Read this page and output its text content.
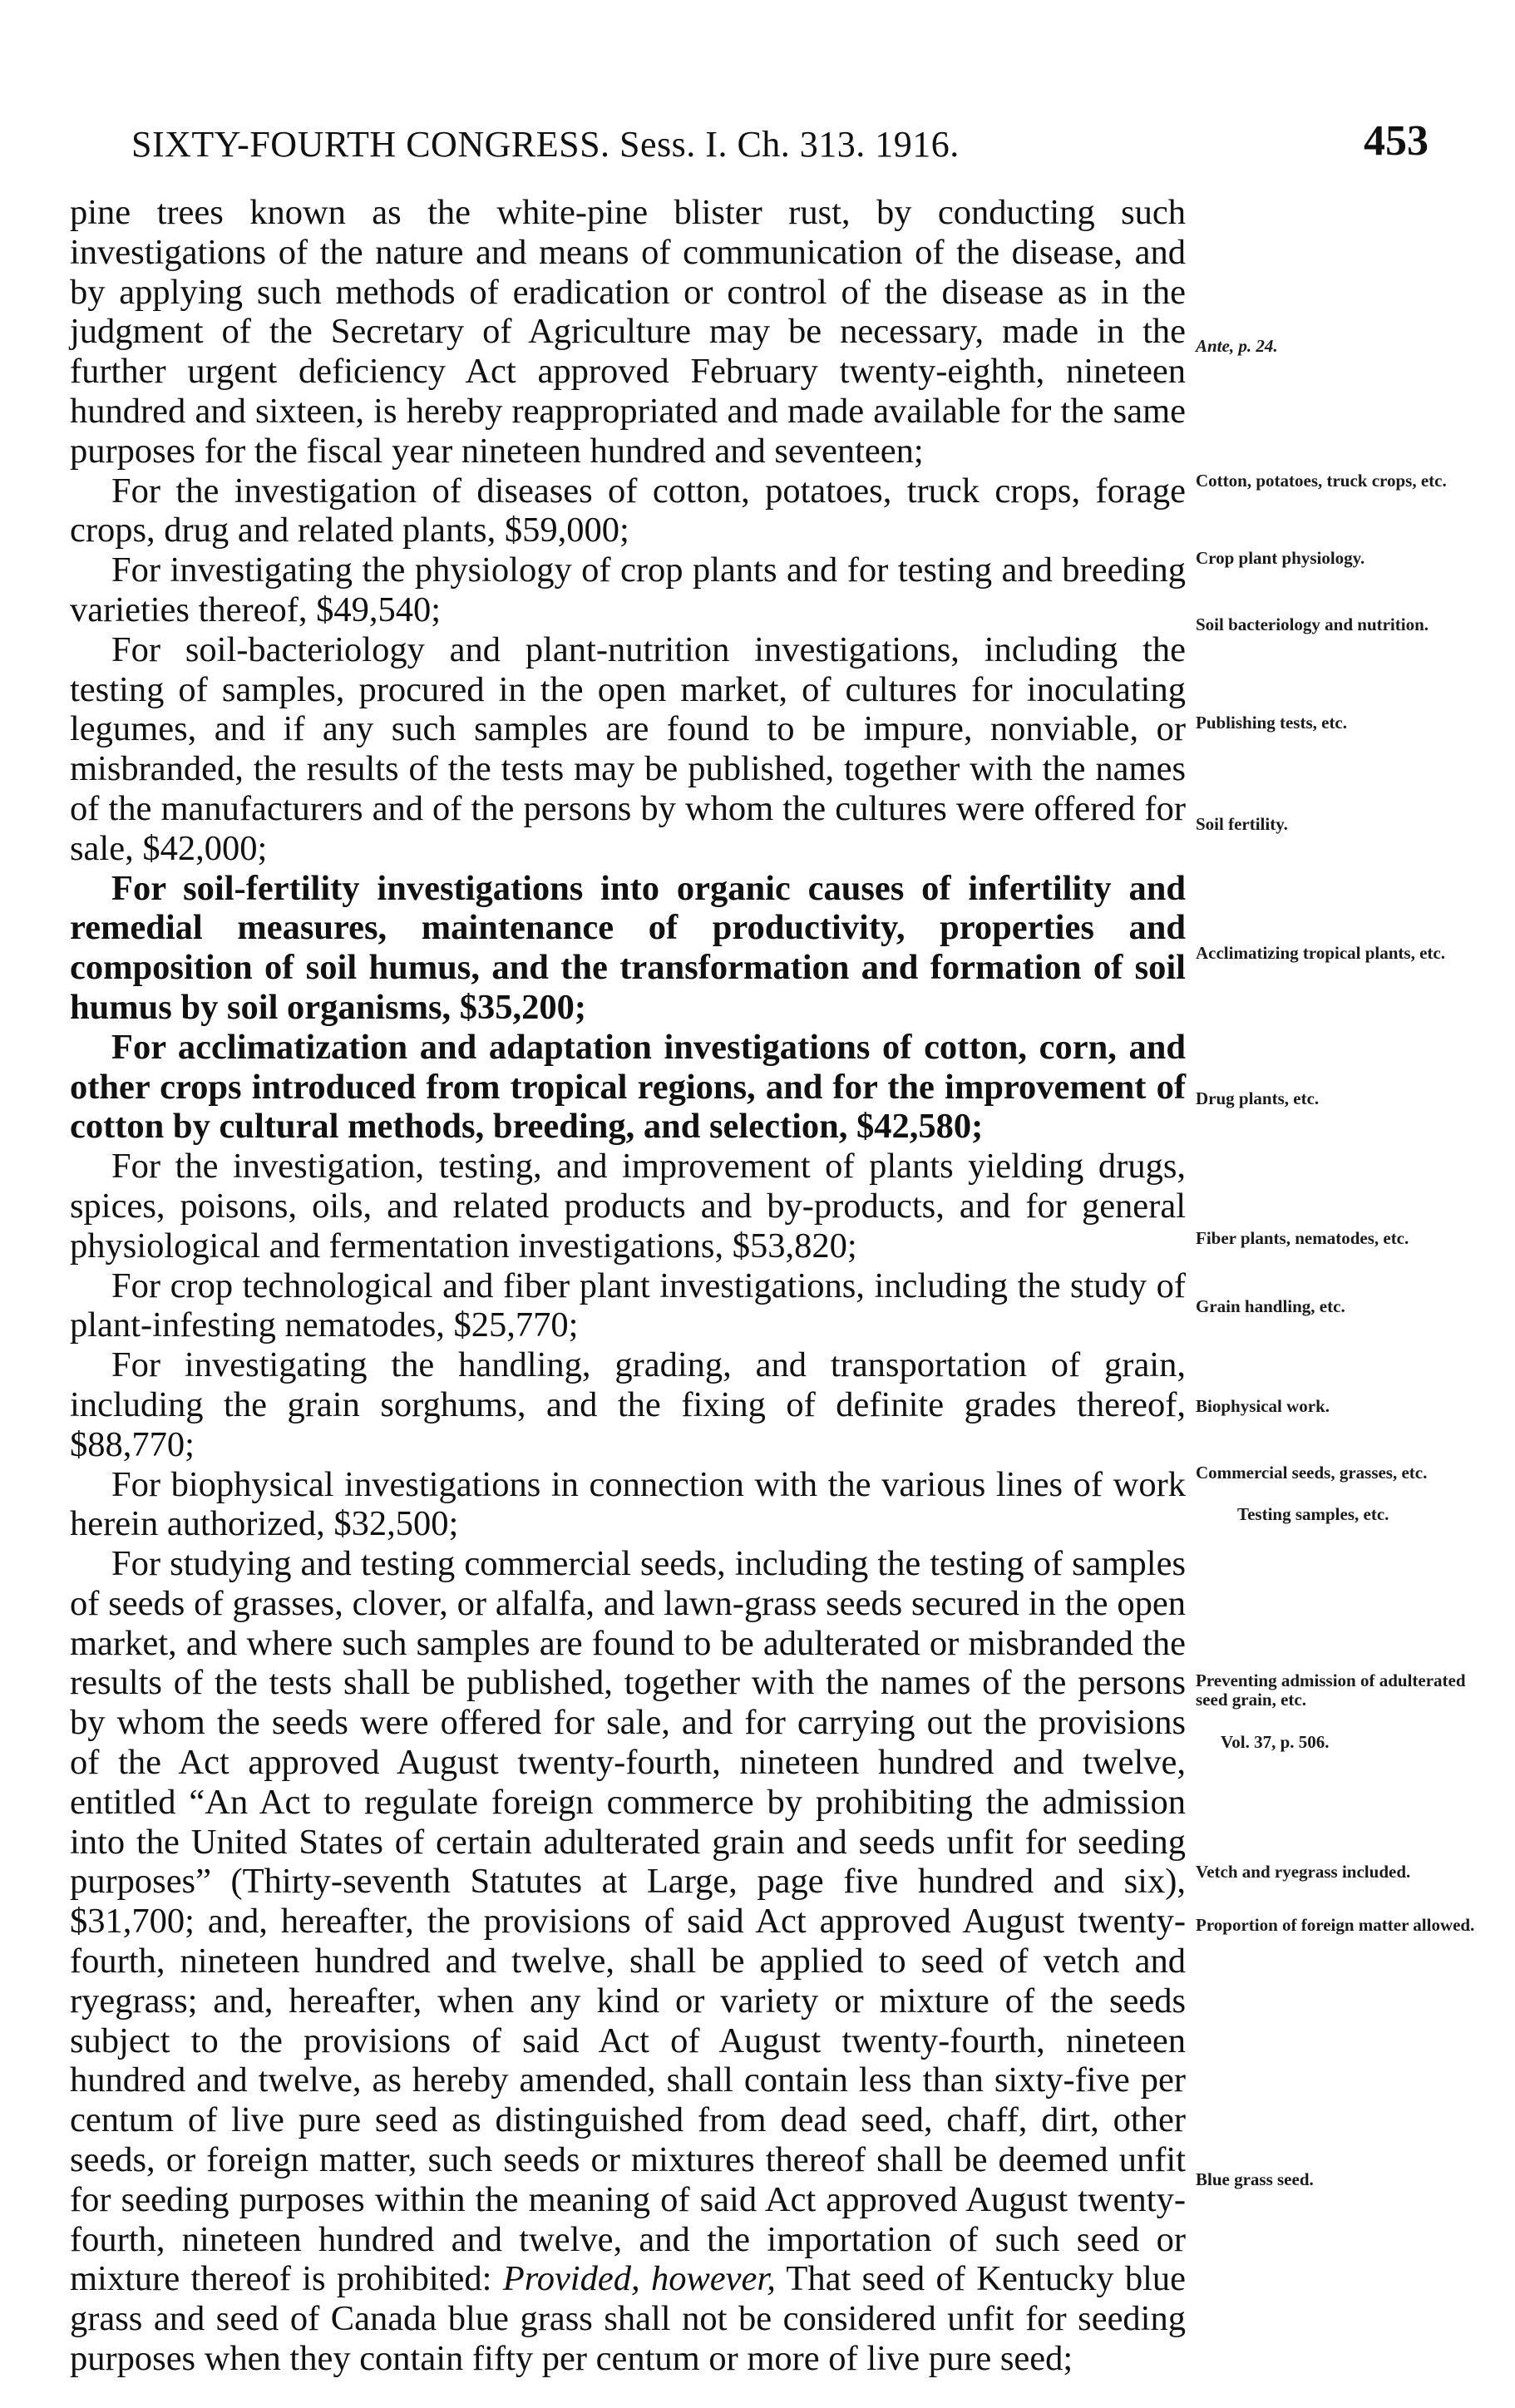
SIXTY-FOURTH CONGRESS. Sess. I. Ch. 313. 1916.	453

pine trees known as the white-pine blister rust, by conducting such investigations of the nature and means of communication of the disease, and by applying such methods of eradication or control of the disease as in the judgment of the Secretary of Agriculture may be necessary, made in the further urgent deficiency Act approved February twenty-eighth, nineteen hundred and sixteen, is hereby reappropriated and made available for the same purposes for the fiscal year nineteen hundred and seventeen;

For the investigation of diseases of cotton, potatoes, truck crops, forage crops, drug and related plants, $59,000;

For investigating the physiology of crop plants and for testing and breeding varieties thereof, $49,540;

For soil-bacteriology and plant-nutrition investigations, including the testing of samples, procured in the open market, of cultures for inoculating legumes, and if any such samples are found to be impure, nonviable, or misbranded, the results of the tests may be published, together with the names of the manufacturers and of the persons by whom the cultures were offered for sale, $42,000;

For soil-fertility investigations into organic causes of infertility and remedial measures, maintenance of productivity, properties and composition of soil humus, and the transformation and formation of soil humus by soil organisms, $35,200;

For acclimatization and adaptation investigations of cotton, corn, and other crops introduced from tropical regions, and for the improvement of cotton by cultural methods, breeding, and selection, $42,580;

For the investigation, testing, and improvement of plants yielding drugs, spices, poisons, oils, and related products and by-products, and for general physiological and fermentation investigations, $53,820;

For crop technological and fiber plant investigations, including the study of plant-infesting nematodes, $25,770;

For investigating the handling, grading, and transportation of grain, including the grain sorghums, and the fixing of definite grades thereof, $88,770;

For biophysical investigations in connection with the various lines of work herein authorized, $32,500;

For studying and testing commercial seeds, including the testing of samples of seeds of grasses, clover, or alfalfa, and lawn-grass seeds secured in the open market, and where such samples are found to be adulterated or misbranded the results of the tests shall be published, together with the names of the persons by whom the seeds were offered for sale, and for carrying out the provisions of the Act approved August twenty-fourth, nineteen hundred and twelve, entitled “An Act to regulate foreign commerce by prohibiting the admission into the United States of certain adulterated grain and seeds unfit for seeding purposes” (Thirty-seventh Statutes at Large, page five hundred and six), $31,700; and, hereafter, the provisions of said Act approved August twenty-fourth, nineteen hundred and twelve, shall be applied to seed of vetch and ryegrass; and, hereafter, when any kind or variety or mixture of the seeds subject to the provisions of said Act of August twenty-fourth, nineteen hundred and twelve, as hereby amended, shall contain less than sixty-five per centum of live pure seed as distinguished from dead seed, chaff, dirt, other seeds, or foreign matter, such seeds or mixtures thereof shall be deemed unfit for seeding purposes within the meaning of said Act approved August twenty-fourth, nineteen hundred and twelve, and the importation of such seed or mixture thereof is prohibited: Provided, however, That seed of Kentucky blue grass and seed of Canada blue grass shall not be considered unfit for seeding purposes when they contain fifty per centum or more of live pure seed;

Ante, p. 24.
Cotton, potatoes, truck crops, etc.
Crop plant physiology.
Soil bacteriology and nutrition.
Publishing tests, etc.
Soil fertility.
Acclimatizing tropical plants, etc.
Drug plants, etc.
Fiber plants, nematodes, etc.
Grain handling, etc.
Biophysical work.
Commercial seeds, grasses, etc.
Testing samples, etc.
Preventing admission of adulterated seed grain, etc.
Vol. 37, p. 506.
Vetch and ryegrass included.
Proportion of foreign matter allowed.
Blue grass seed.
